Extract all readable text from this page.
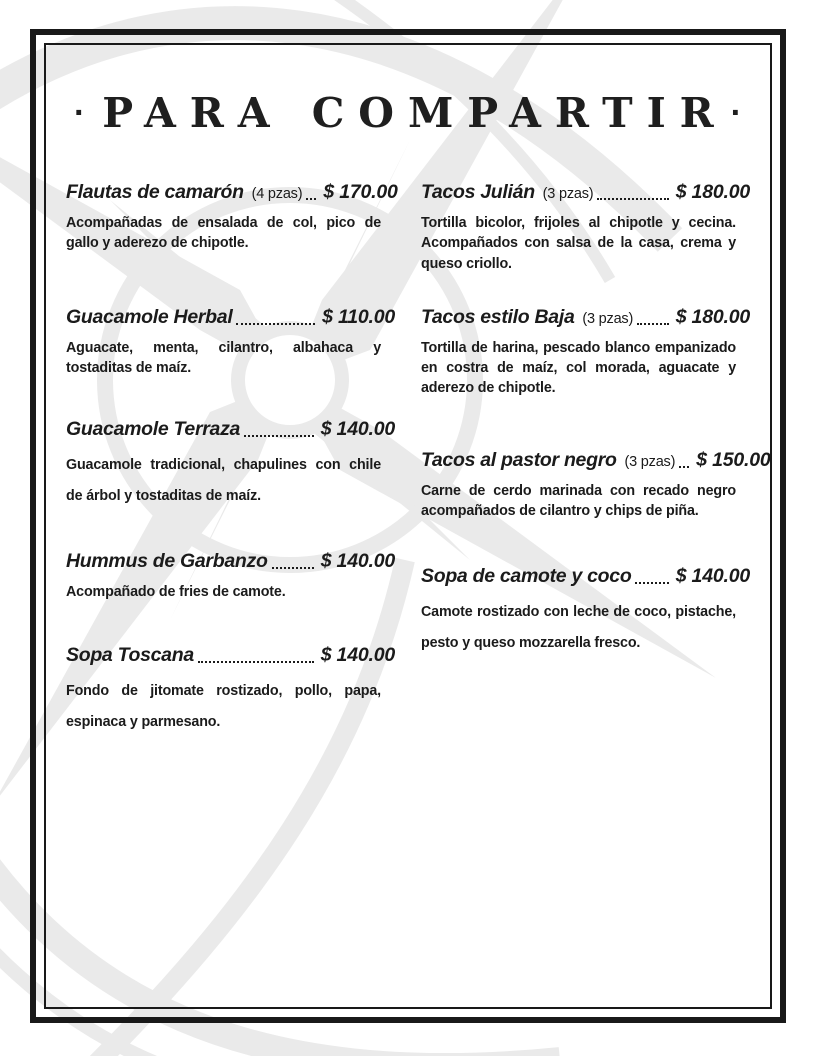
· PARA COMPARTIR ·
Flautas de camarón (4 pzas) $ 170.00

Acompañadas de ensalada de col, pico de gallo y aderezo de chipotle.

Guacamole Herbal	$ 110.00

Aguacate, menta, cilantro, albahaca y tostaditas de maíz.

Guacamole Terraza	$ 140.00

Guacamole tradicional, chapulines con chile de árbol y tostaditas de maíz.

Hummus de Garbanzo	$ 140.00

Acompañado de fries de camote.

Sopa Toscana	$ 140.00

Fondo de jitomate rostizado, pollo, papa, espinaca y parmesano.

Tacos Julián (3 pzas)	$ 180.00

Tortilla bicolor, frijoles al chipotle y cecina. Acompañados con salsa de la casa, crema y queso criollo.

Tacos estilo Baja (3 pzas) $ 180.00

Tortilla de harina, pescado blanco empanizado en costra de maíz, col morada, aguacate y aderezo de chipotle.

Tacos al pastor negro (3 pzas) $ 150.00

Carne de cerdo marinada con recado negro acompañados de cilantro y chips de piña.

Sopa de camote y coco $ 140.00

Camote rostizado con leche de coco, pistache, pesto y queso mozzarella fresco.
